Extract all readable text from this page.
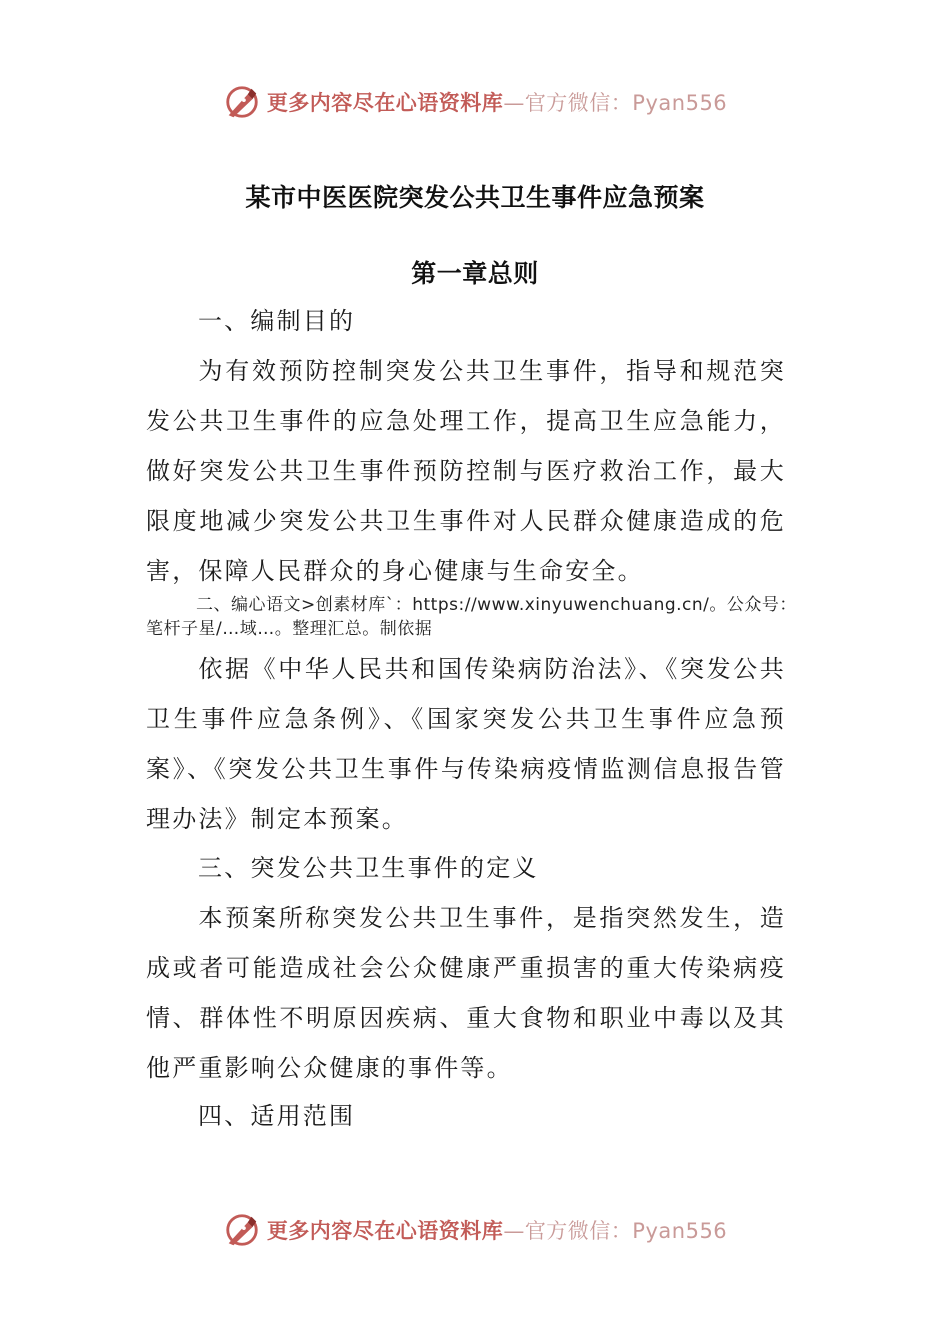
更多内容尽在心语资料库—官方微信：Pyan556
某市中医医院突发公共卫生事件应急预案
第一章总则
一、编制目的
为有效预防控制突发公共卫生事件，指导和规范突发公共卫生事件的应急处理工作，提高卫生应急能力，做好突发公共卫生事件预防控制与医疗救治工作，最大限度地减少突发公共卫生事件对人民群众健康造成的危害，保障人民群众的身心健康与生命安全。
二、编心语文>创素材库`：https://www.xinyuwenchuang.cn/。公众号：笔杆子星/…域…。整理汇总。制依据
依据《中华人民共和国传染病防治法》、《突发公共卫生事件应急条例》、《国家突发公共卫生事件应急预案》、《突发公共卫生事件与传染病疫情监测信息报告管理办法》制定本预案。
三、突发公共卫生事件的定义
本预案所称突发公共卫生事件，是指突然发生，造成或者可能造成社会公众健康严重损害的重大传染病疫情、群体性不明原因疾病、重大食物和职业中毒以及其他严重影响公众健康的事件等。
四、适用范围
更多内容尽在心语资料库—官方微信：Pyan556
